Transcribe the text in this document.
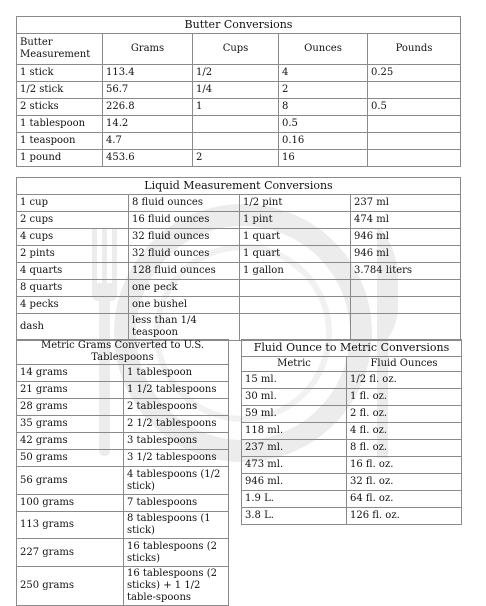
Butter Conversions				
Butter Measurement	Grams	Cups	Ounces	Pounds
1 stick	113.4	1/2	4	0.25
1/2 stick	56.7	1/4	2	
2 sticks	226.8	1	8	0.5
1 tablespoon	14.2		0.5	
1 teaspoon	4.7		0.16	
1 pound	453.6	2	16	
Liquid Measurement Conversions			
1 cup	8 fluid ounces	1/2 pint	237 ml
2 cups	16 fluid ounces	1 pint	474 ml
4 cups	32 fluid ounces	1 quart	946 ml
2 pints	32 fluid ounces	1 quart	946 ml
4 quarts	128 fluid ounces	1 gallon	3.784 liters
8 quarts	one peck		
4 pecks	one bushel		
dash	less than 1/4 teaspoon		
Metric Grams Converted to U.S. Tablespoons	
14 grams	1 tablespoon
21 grams	1 1/2 tablespoons
28 grams	2 tablespoons
35 grams	2 1/2 tablespoons
42 grams	3 tablespoons
50 grams	3 1/2 tablespoons
56 grams	4 tablespoons (1/2 stick)
100 grams	7 tablespoons
113 grams	8 tablespoons (1 stick)
227 grams	16 tablespoons (2 sticks)
250 grams	16 tablespoons (2 sticks) + 1 1/2 table-spoons
Fluid Ounce to Metric Conversions	
Metric	Fluid Ounces
15 ml.	1/2 fl. oz.
30 ml.	1 fl. oz.
59 ml.	2 fl. oz.
118 ml.	4 fl. oz.
237 ml.	8 fl. oz.
473 ml.	16 fl. oz.
946 ml.	32 fl. oz.
1.9 L.	64 fl. oz.
3.8 L.	126 fl. oz.
